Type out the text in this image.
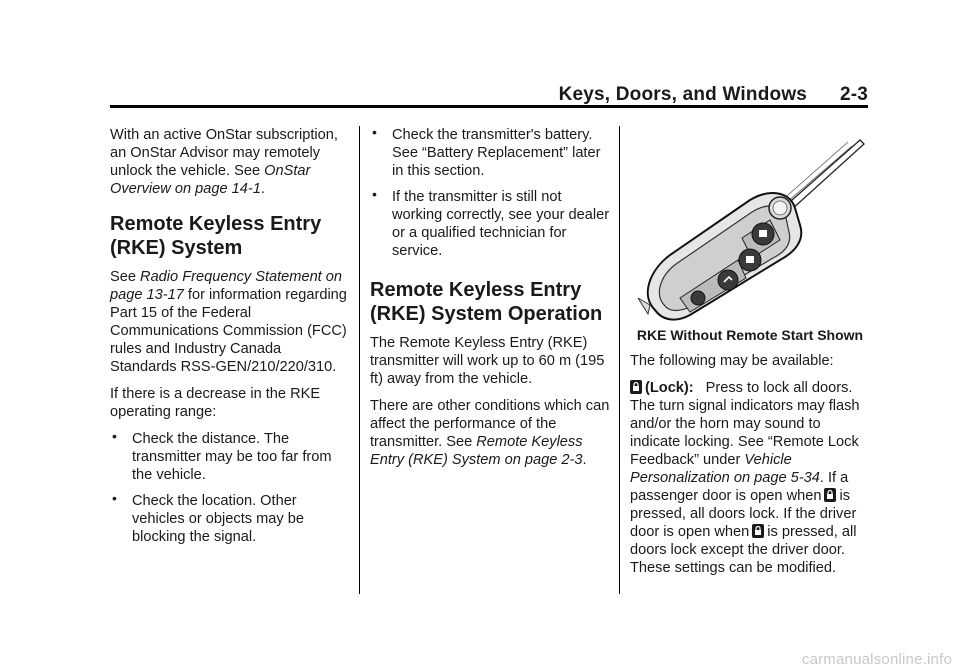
Keys, Doors, and Windows 2-3

With an active OnStar subscription, an OnStar Advisor may remotely unlock the vehicle. See OnStar Overview on page 14-1.

Remote Keyless Entry (RKE) System

See Radio Frequency Statement on page 13-17 for information regarding Part 15 of the Federal Communications Commission (FCC) rules and Industry Canada Standards RSS-GEN/210/220/310.

If there is a decrease in the RKE operating range:

• Check the distance. The transmitter may be too far from the vehicle.
• Check the location. Other vehicles or objects may be blocking the signal.
• Check the transmitter's battery. See “Battery Replacement” later in this section.
• If the transmitter is still not working correctly, see your dealer or a qualified technician for service.
Remote Keyless Entry (RKE) System Operation

The Remote Keyless Entry (RKE) transmitter will work up to 60 m (195 ft) away from the vehicle.

There are other conditions which can affect the performance of the transmitter. See Remote Keyless Entry (RKE) System on page 2-3.

RKE Without Remote Start Shown

The following may be available:

(Lock): Press to lock all doors. The turn signal indicators may flash and/or the horn may sound to indicate locking. See “Remote Lock Feedback” under Vehicle Personalization on page 5-34. If a passenger door is open when is pressed, all doors lock. If the driver door is open when is pressed, all doors lock except the driver door. These settings can be modified.

carmanualsonline.info
